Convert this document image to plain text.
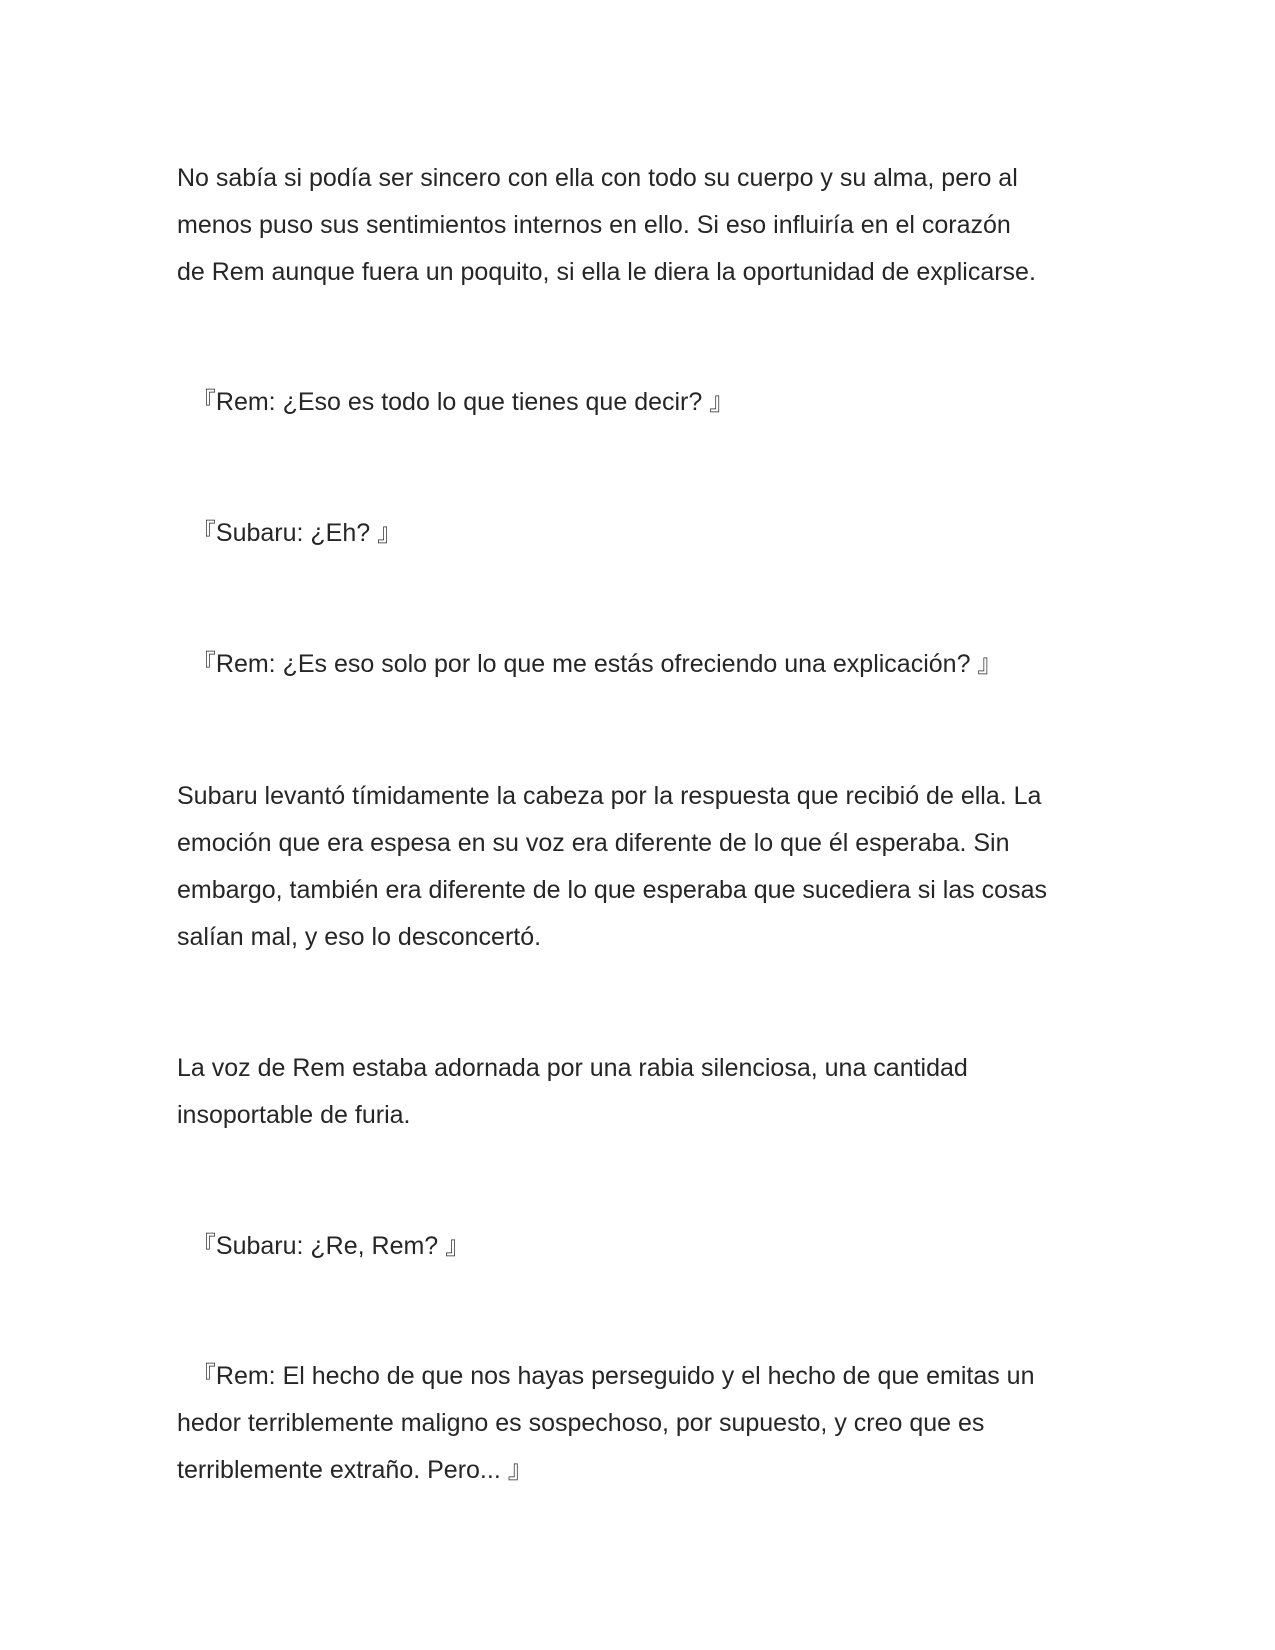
No sabía si podía ser sincero con ella con todo su cuerpo y su alma, pero al

menos puso sus sentimientos internos en ello. Si eso influiría en el corazón

de Rem aunque fuera un poquito, si ella le diera la oportunidad de explicarse.

『Rem: ¿Eso es todo lo que tienes que decir? 』

『Subaru: ¿Eh? 』

『Rem: ¿Es eso solo por lo que me estás ofreciendo una explicación? 』

Subaru levantó tímidamente la cabeza por la respuesta que recibió de ella. La

emoción que era espesa en su voz era diferente de lo que él esperaba. Sin

embargo, también era diferente de lo que esperaba que sucediera si las cosas

salían mal, y eso lo desconcertó.

La voz de Rem estaba adornada por una rabia silenciosa, una cantidad

insoportable de furia.

『Subaru: ¿Re, Rem? 』

『Rem: El hecho de que nos hayas perseguido y el hecho de que emitas un

hedor terriblemente maligno es sospechoso, por supuesto, y creo que es

terriblemente extraño. Pero... 』
